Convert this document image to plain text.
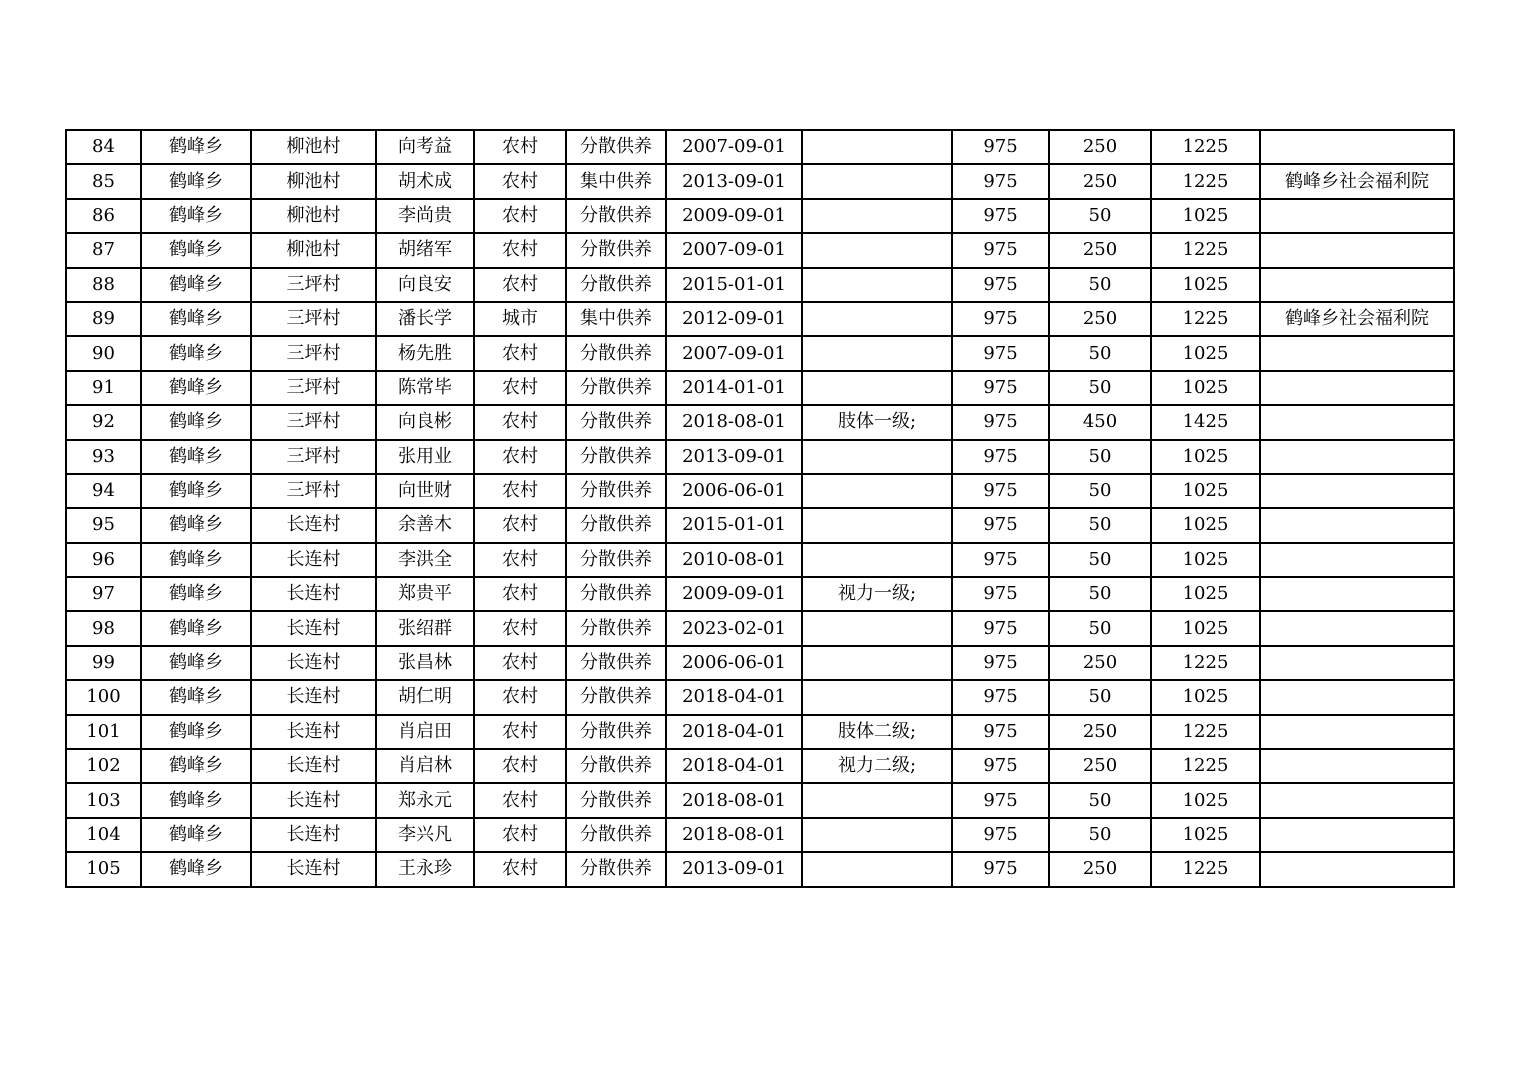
84	鹤峰乡	柳池村	向考益	农村	分散供养	2007-09-01		975	250	1225	
85	鹤峰乡	柳池村	胡术成	农村	集中供养	2013-09-01		975	250	1225	鹤峰乡社会福利院
86	鹤峰乡	柳池村	李尚贵	农村	分散供养	2009-09-01		975	50	1025	
87	鹤峰乡	柳池村	胡绪军	农村	分散供养	2007-09-01		975	250	1225	
88	鹤峰乡	三坪村	向良安	农村	分散供养	2015-01-01		975	50	1025	
89	鹤峰乡	三坪村	潘长学	城市	集中供养	2012-09-01		975	250	1225	鹤峰乡社会福利院
90	鹤峰乡	三坪村	杨先胜	农村	分散供养	2007-09-01		975	50	1025	
91	鹤峰乡	三坪村	陈常毕	农村	分散供养	2014-01-01		975	50	1025	
92	鹤峰乡	三坪村	向良彬	农村	分散供养	2018-08-01	肢体一级;	975	450	1425	
93	鹤峰乡	三坪村	张用业	农村	分散供养	2013-09-01		975	50	1025	
94	鹤峰乡	三坪村	向世财	农村	分散供养	2006-06-01		975	50	1025	
95	鹤峰乡	长连村	余善木	农村	分散供养	2015-01-01		975	50	1025	
96	鹤峰乡	长连村	李洪全	农村	分散供养	2010-08-01		975	50	1025	
97	鹤峰乡	长连村	郑贵平	农村	分散供养	2009-09-01	视力一级;	975	50	1025	
98	鹤峰乡	长连村	张绍群	农村	分散供养	2023-02-01		975	50	1025	
99	鹤峰乡	长连村	张昌林	农村	分散供养	2006-06-01		975	250	1225	
100	鹤峰乡	长连村	胡仁明	农村	分散供养	2018-04-01		975	50	1025	
101	鹤峰乡	长连村	肖启田	农村	分散供养	2018-04-01	肢体二级;	975	250	1225	
102	鹤峰乡	长连村	肖启林	农村	分散供养	2018-04-01	视力二级;	975	250	1225	
103	鹤峰乡	长连村	郑永元	农村	分散供养	2018-08-01		975	50	1025	
104	鹤峰乡	长连村	李兴凡	农村	分散供养	2018-08-01		975	50	1025	
105	鹤峰乡	长连村	王永珍	农村	分散供养	2013-09-01		975	250	1225	
